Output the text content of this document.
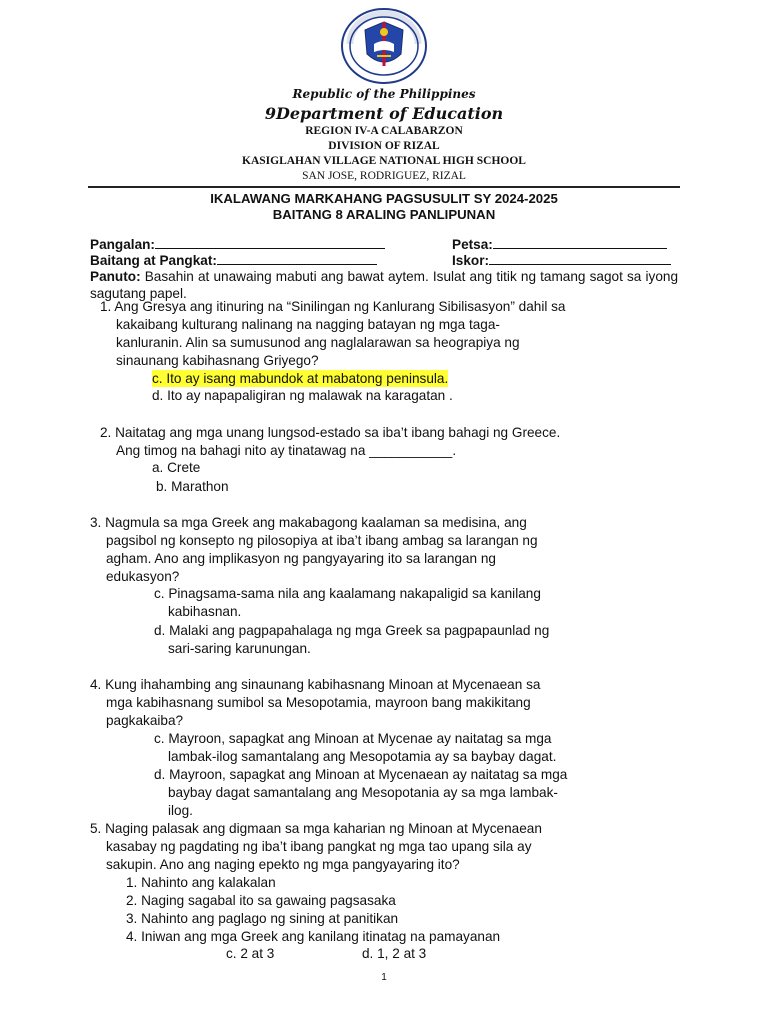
Republic of the Philippines
9Department of Education
REGION IV-A CALABARZON
DIVISION OF RIZAL
KASIGLAHAN VILLAGE NATIONAL HIGH SCHOOL
SAN JOSE, RODRIGUEZ, RIZAL
IKALAWANG MARKAHANG PAGSUSULIT SY 2024-2025
BAITANG 8 ARALING PANLIPUNAN
Pangalan:	Petsa:
Baitang at Pangkat:	Iskor:
Panuto: Basahin at unawaing mabuti ang bawat aytem. Isulat ang titik ng tamang sagot sa iyong sagutang papel.
1. Ang Gresya ang itinuring na “Sinilingan ng Kanlurang Sibilisasyon” dahil sa
kakaibang kulturang nalinang na nagging batayan ng mga taga-
kanluranin. Alin sa sumusunod ang naglalarawan sa heograpiya ng
sinaunang kabihasnang Griyego?
c. Ito ay isang mabundok at mabatong peninsula.
d. Ito ay napapaligiran ng malawak na karagatan .
2. Naitatag ang mga unang lungsod-estado sa iba’t ibang bahagi ng Greece.
Ang timog na bahagi nito ay tinatawag na ___________.
a. Crete
b. Marathon
3. Nagmula sa mga Greek ang makabagong kaalaman sa medisina, ang
pagsibol ng konsepto ng pilosopiya at iba’t ibang ambag sa larangan ng
agham. Ano ang implikasyon ng pangyayaring ito sa larangan ng
edukasyon?
c. Pinagsama-sama nila ang kaalamang nakapaligid sa kanilang
kabihasnan.
d. Malaki ang pagpapahalaga ng mga Greek sa pagpapaunlad ng
sari-saring karunungan.
4. Kung ihahambing ang sinaunang kabihasnang Minoan at Mycenaean sa
mga kabihasnang sumibol sa Mesopotamia, mayroon bang makikitang
pagkakaiba?
c. Mayroon, sapagkat ang Minoan at Mycenae ay naitatag sa mga
lambak-ilog samantalang ang Mesopotamia ay sa baybay dagat.
d. Mayroon, sapagkat ang Minoan at Mycenaean ay naitatag sa mga
baybay dagat samantalang ang Mesopotania ay sa mga lambak-
ilog.
5. Naging palasak ang digmaan sa mga kaharian ng Minoan at Mycenaean
kasabay ng pagdating ng iba’t ibang pangkat ng mga tao upang sila ay
sakupin. Ano ang naging epekto ng mga pangyayaring ito?
1. Nahinto ang kalakalan
2. Naging sagabal ito sa gawaing pagsasaka
3. Nahinto ang paglago ng sining at panitikan
4. Iniwan ang mga Greek ang kanilang itinatag na pamayanan
c. 2 at 3	d. 1, 2 at 3
1
